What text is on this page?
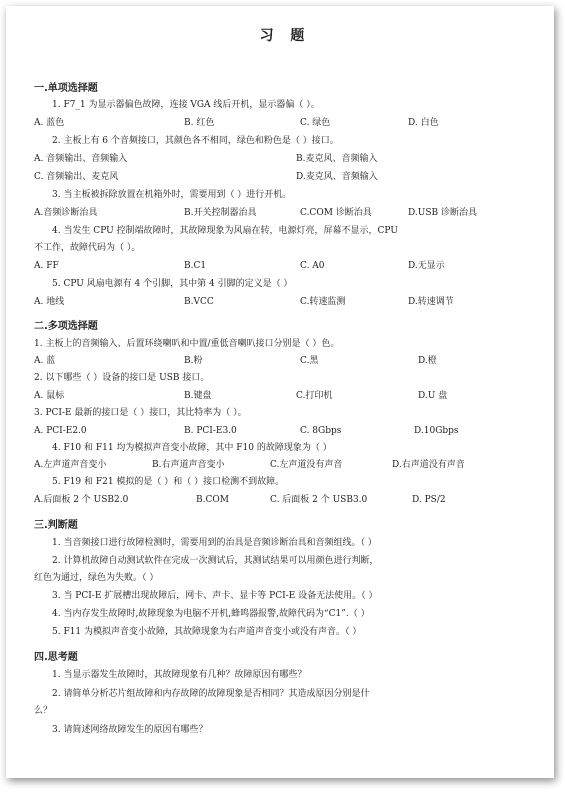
习 题
一.单项选择题
1. F7_1 为显示器偏色故障，连接 VGA 线后开机，显示器偏（ ）。
A. 蓝色	B. 红色	C. 绿色	D. 白色
2. 主板上有 6 个音频接口，其颜色各不相同，绿色和粉色是（ ）接口。
A. 音频输出、音频输入	B.麦克风、音频输入
C. 音频输出、麦克风	D.麦克风、音频输入
3. 当主板被拆除放置在机箱外时，需要用到（ ）进行开机。
A.音频诊断治具	B.开关控制器治具	C.COM 诊断治具	D.USB 诊断治具
4. 当发生 CPU 控制端故障时，其故障现象为风扇在转，电源灯亮，屏幕不显示，CPU
不工作，故障代码为（ ）。
A. FF	B.C1	C. A0	D.无显示
5. CPU 风扇电源有 4 个引脚，其中第 4 引脚的定义是（ ）
A. 地线	B.VCC	C.转速监测	D.转速调节
二.多项选择题
1. 主板上的音频输入、后置环绕喇叭和中置/重低音喇叭接口分别是（ ）色。
A. 蓝	B.粉	C.黑	D.橙
2. 以下哪些（ ）设备的接口是 USB 接口。
A. 鼠标	B.键盘	C.打印机	D.U 盘
3. PCI-E 最新的接口是（ ）接口，其比特率为（ ）。
A. PCI-E2.0	B. PCI-E3.0	C. 8Gbps	D.10Gbps
4. F10 和 F11 均为模拟声音变小故障，其中 F10 的故障现象为（ ）
A.左声道声音变小	B.右声道声音变小	C.左声道没有声音	D.右声道没有声音
5. F19 和 F21 模拟的是（ ）和（ ）接口检测不到故障。
A.后面板 2 个 USB2.0	B.COM	C. 后面板 2 个 USB3.0	D. PS/2
三.判断题
1. 当音频接口进行故障检测时，需要用到的治具是音频诊断治具和音频组线。（ ）
2. 计算机故障自动测试软件在完成一次测试后，其测试结果可以用颜色进行判断，
红色为通过，绿色为失败。（ ）
3. 当 PCI-E 扩展槽出现故障后，网卡、声卡、显卡等 PCI-E 设备无法使用。（ ）
4. 当内存发生故障时,故障现象为电脑不开机,蜂鸣器报警,故障代码为“C1”.（ ）
5. F11 为模拟声音变小故障，其故障现象为右声道声音变小或没有声音。（ ）
四.思考题
1. 当显示器发生故障时，其故障现象有几种？故障原因有哪些？
2. 请简单分析芯片组故障和内存故障的故障现象是否相同？其造成原因分别是什
么？
3. 请简述网络故障发生的原因有哪些？
